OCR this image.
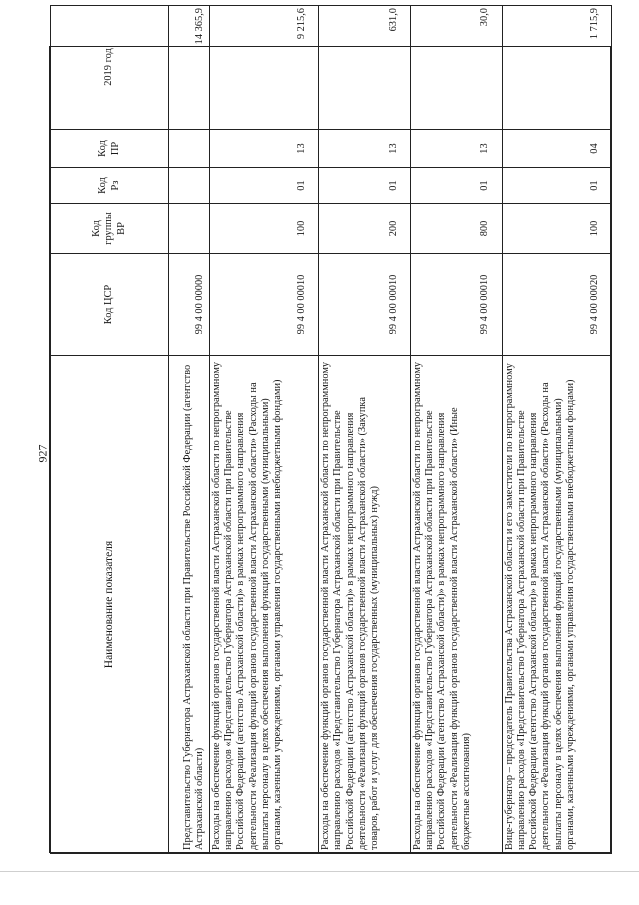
927
Наименование показателя	Код ЦСР	Код группы ВР	Код Рз	Код ПР	2019 год
Представительство Губернатора Астраханской области при Правительстве Российской Федерации (агентство Астраханской области)	99 4 00 00000				14 365,9
Расходы на обеспечение функций органов государственной власти Астраханской области по непрограммному направлению расходов «Представительство Губернатора Астраханской области при Правительстве Российской Федерации (агентство Астраханской области)» в рамках непрограммного направления деятельности «Реализация функций органов государственной власти Астраханской области» (Расходы на выплаты персоналу в целях обеспечения выполнения функций государственными (муниципальными) органами, казенными учреждениями, органами управления государственными внебюджетными фондами)	99 4 00 00010	100	01	13	9 215,6
Расходы на обеспечение функций органов государственной власти Астраханской области по непрограммному направлению расходов «Представительство Губернатора Астраханской области при Правительстве Российской Федерации (агентство Астраханской области)» в рамках непрограммного направления деятельности «Реализация функций органов государственной власти Астраханской области» (Закупка товаров, работ и услуг для обеспечения государственных (муниципальных) нужд)	99 4 00 00010	200	01	13	631,0
Расходы на обеспечение функций органов государственной власти Астраханской области по непрограммному направлению расходов «Представительство Губернатора Астраханской области при Правительстве Российской Федерации (агентство Астраханской области)» в рамках непрограммного направления деятельности «Реализация функций органов государственной власти Астраханской области» (Иные бюджетные ассигнования)	99 4 00 00010	800	01	13	30,0
Вице-губернатор – председатель Правительства Астраханской области и его заместители по непрограммному направлению расходов «Представительство Губернатора Астраханской области при Правительстве Российской Федерации (агентство Астраханской области)» в рамках непрограммного направления деятельности «Реализация функций органов государственной власти Астраханской области» (Расходы на выплаты персоналу в целях обеспечения выполнения функций государственными (муниципальными) органами, казенными учреждениями, органами управления государственными внебюджетными фондами)	99 4 00 00020	100	01	04	1 715,9
